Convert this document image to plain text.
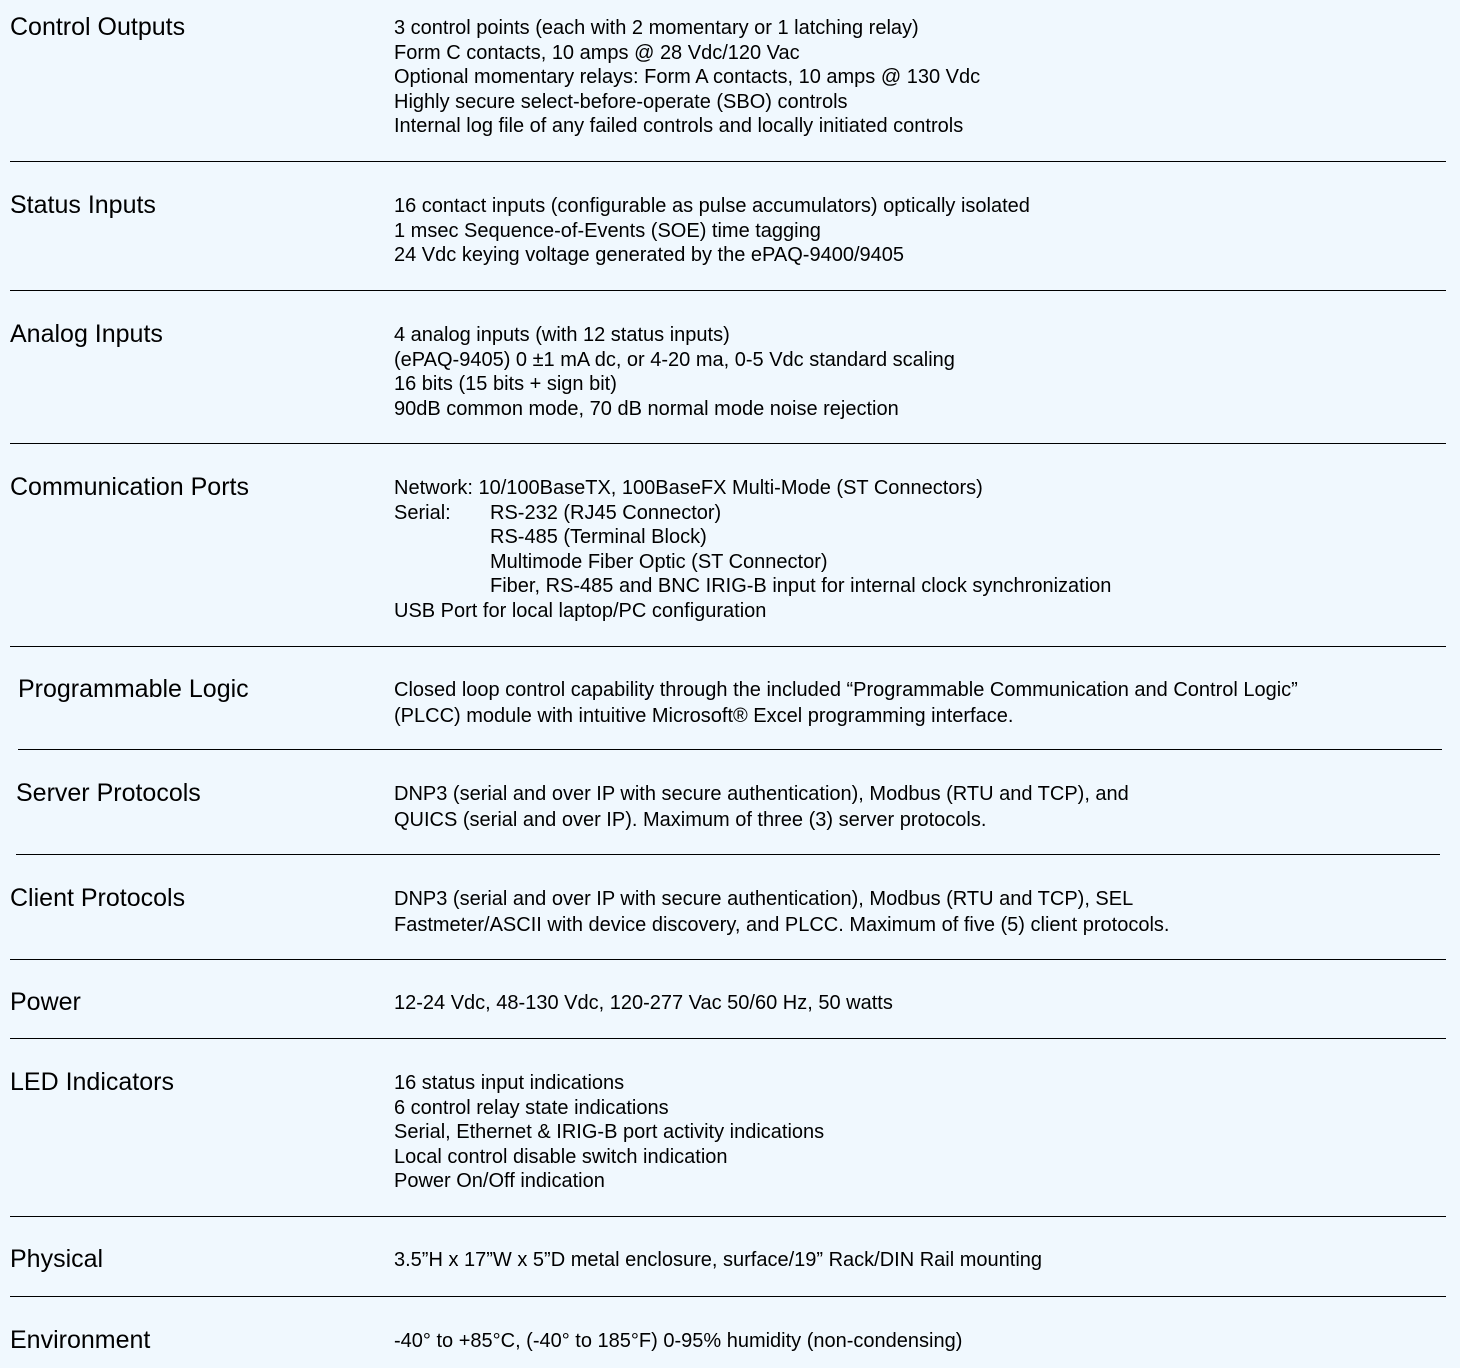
Control Outputs	3 control points (each with 2 momentary or 1 latching relay)
Form C contacts, 10 amps @ 28 Vdc/120 Vac
Optional momentary relays: Form A contacts, 10 amps @ 130 Vdc
Highly secure select-before-operate (SBO) controls
Internal log file of any failed controls and locally initiated controls
Status Inputs	16 contact inputs (configurable as pulse accumulators) optically isolated
1 msec Sequence-of-Events (SOE) time tagging
24 Vdc keying voltage generated by the ePAQ-9400/9405
Analog Inputs	4 analog inputs (with 12 status inputs)
(ePAQ-9405) 0 ±1 mA dc, or 4-20 ma, 0-5 Vdc standard scaling
16 bits (15 bits + sign bit)
90dB common mode, 70 dB normal mode noise rejection
Communication Ports	Network: 10/100BaseTX, 100BaseFX Multi-Mode (ST Connectors)
Serial: RS-232 (RJ45 Connector)
RS-485 (Terminal Block)
Multimode Fiber Optic (ST Connector)
Fiber, RS-485 and BNC IRIG-B input for internal clock synchronization
USB Port for local laptop/PC configuration
Programmable Logic	Closed loop control capability through the included “Programmable Communication and Control Logic”
(PLCC) module with intuitive Microsoft® Excel programming interface.
Server Protocols	DNP3 (serial and over IP with secure authentication), Modbus (RTU and TCP), and
QUICS (serial and over IP). Maximum of three (3) server protocols.
Client Protocols	DNP3 (serial and over IP with secure authentication), Modbus (RTU and TCP), SEL
Fastmeter/ASCII with device discovery, and PLCC. Maximum of five (5) client protocols.
Power	12-24 Vdc, 48-130 Vdc, 120-277 Vac 50/60 Hz, 50 watts
LED Indicators	16 status input indications
6 control relay state indications
Serial, Ethernet & IRIG-B port activity indications
Local control disable switch indication
Power On/Off indication
Physical	3.5”H x 17”W x 5”D metal enclosure, surface/19” Rack/DIN Rail mounting
Environment	-40° to +85°C, (-40° to 185°F) 0-95% humidity (non-condensing)
